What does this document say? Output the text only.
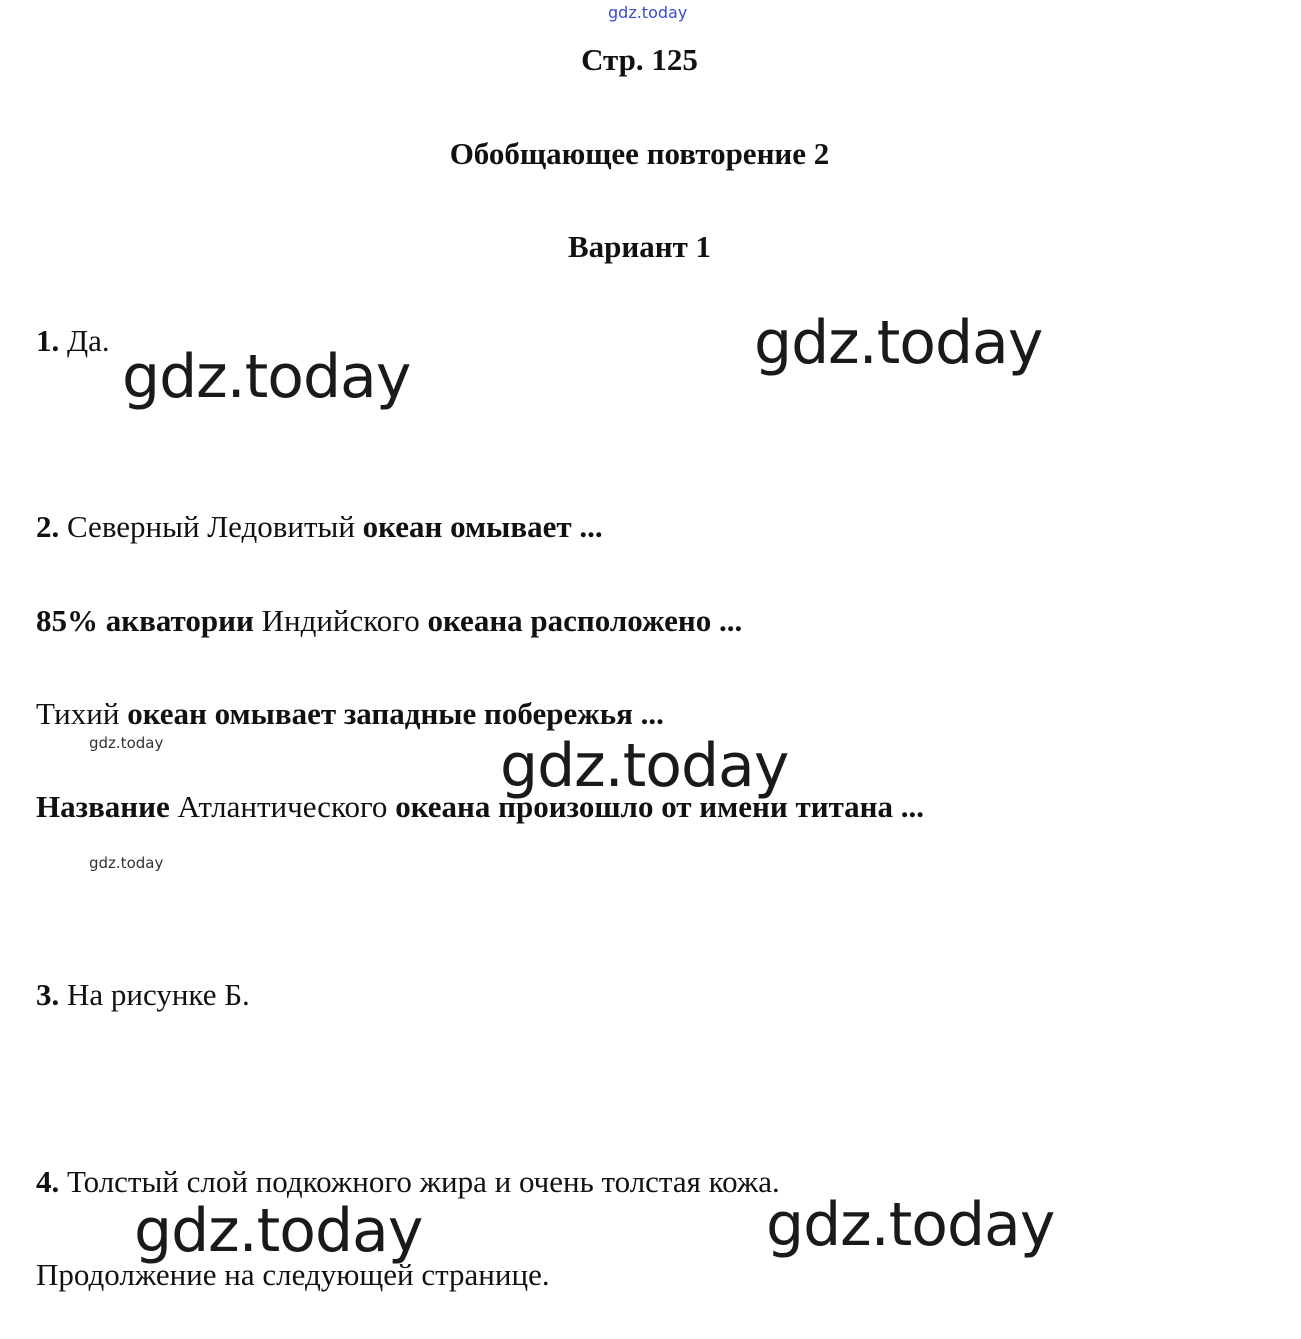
gdz.today
Стр. 125
Обобщающее повторение 2
Вариант 1
1. Да.
2. Северный Ледовитый океан омывает ...
85% акватории Индийского океана расположено ...
Тихий океан омывает западные побережья ...
Название Атлантического океана произошло от имени титана ...
3. На рисунке Б.
4. Толстый слой подкожного жира и очень толстая кожа.
Продолжение на следующей странице.
gdz.today	gdz.today
gdz.today
gdz.today	gdz.today
gdz.today
gdz.today
